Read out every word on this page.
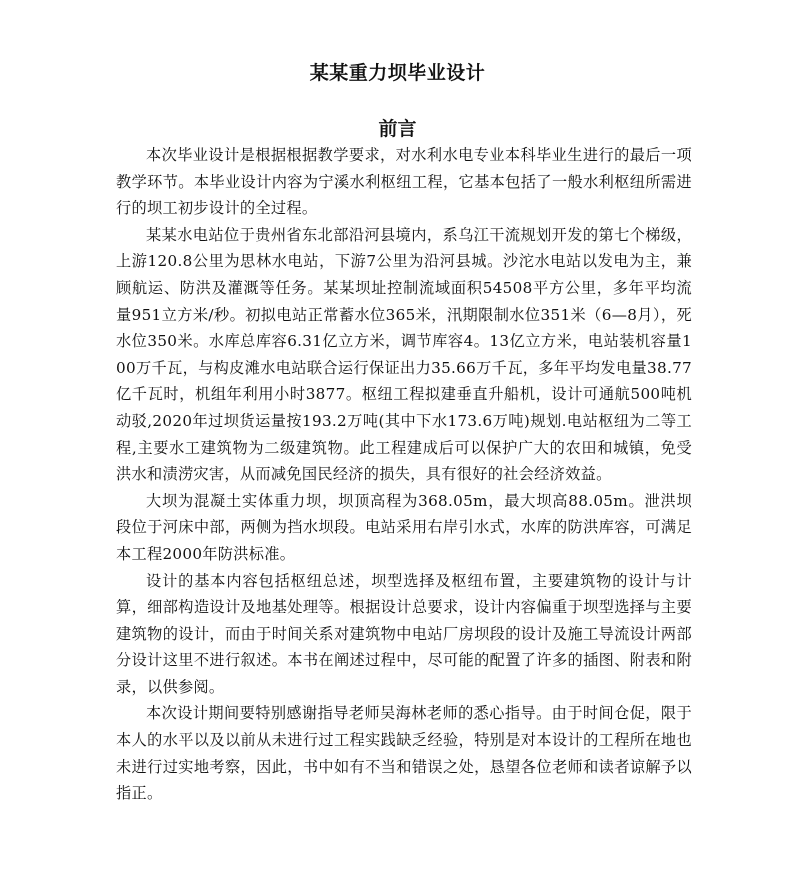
某某重力坝毕业设计
前言

本次毕业设计是根据根据教学要求，对水利水电专业本科毕业生进行的最后一项教学环节。本毕业设计内容为宁溪水利枢纽工程，它基本包括了一般水利枢纽所需进行的坝工初步设计的全过程。

某某水电站位于贵州省东北部沿河县境内，系乌江干流规划开发的第七个梯级，上游120.8公里为思林水电站，下游7公里为沿河县城。沙沱水电站以发电为主，兼顾航运、防洪及灌溉等任务。某某坝址控制流域面积54508平方公里，多年平均流量951立方米/秒。初拟电站正常蓄水位365米，汛期限制水位351米（6—8月），死水位350米。水库总库容6.31亿立方米，调节库容4。13亿立方米，电站装机容量100万千瓦，与构皮滩水电站联合运行保证出力35.66万千瓦，多年平均发电量38.77亿千瓦时，机组年利用小时3877。枢纽工程拟建垂直升船机，设计可通航500吨机动驳,2020年过坝货运量按193.2万吨(其中下水173.6万吨)规划.电站枢纽为二等工程,主要水工建筑物为二级建筑物。此工程建成后可以保护广大的农田和城镇，免受洪水和渍涝灾害，从而减免国民经济的损失，具有很好的社会经济效益。

大坝为混凝土实体重力坝，坝顶高程为368.05m，最大坝高88.05m。泄洪坝段位于河床中部，两侧为挡水坝段。电站采用右岸引水式，水库的防洪库容，可满足本工程2000年防洪标准。

设计的基本内容包括枢纽总述，坝型选择及枢纽布置，主要建筑物的设计与计算，细部构造设计及地基处理等。根据设计总要求，设计内容偏重于坝型选择与主要建筑物的设计，而由于时间关系对建筑物中电站厂房坝段的设计及施工导流设计两部分设计这里不进行叙述。本书在阐述过程中，尽可能的配置了许多的插图、附表和附录，以供参阅。

本次设计期间要特别感谢指导老师吴海林老师的悉心指导。由于时间仓促，限于本人的水平以及以前从未进行过工程实践缺乏经验，特别是对本设计的工程所在地也未进行过实地考察，因此，书中如有不当和错误之处，恳望各位老师和读者谅解予以指正。
